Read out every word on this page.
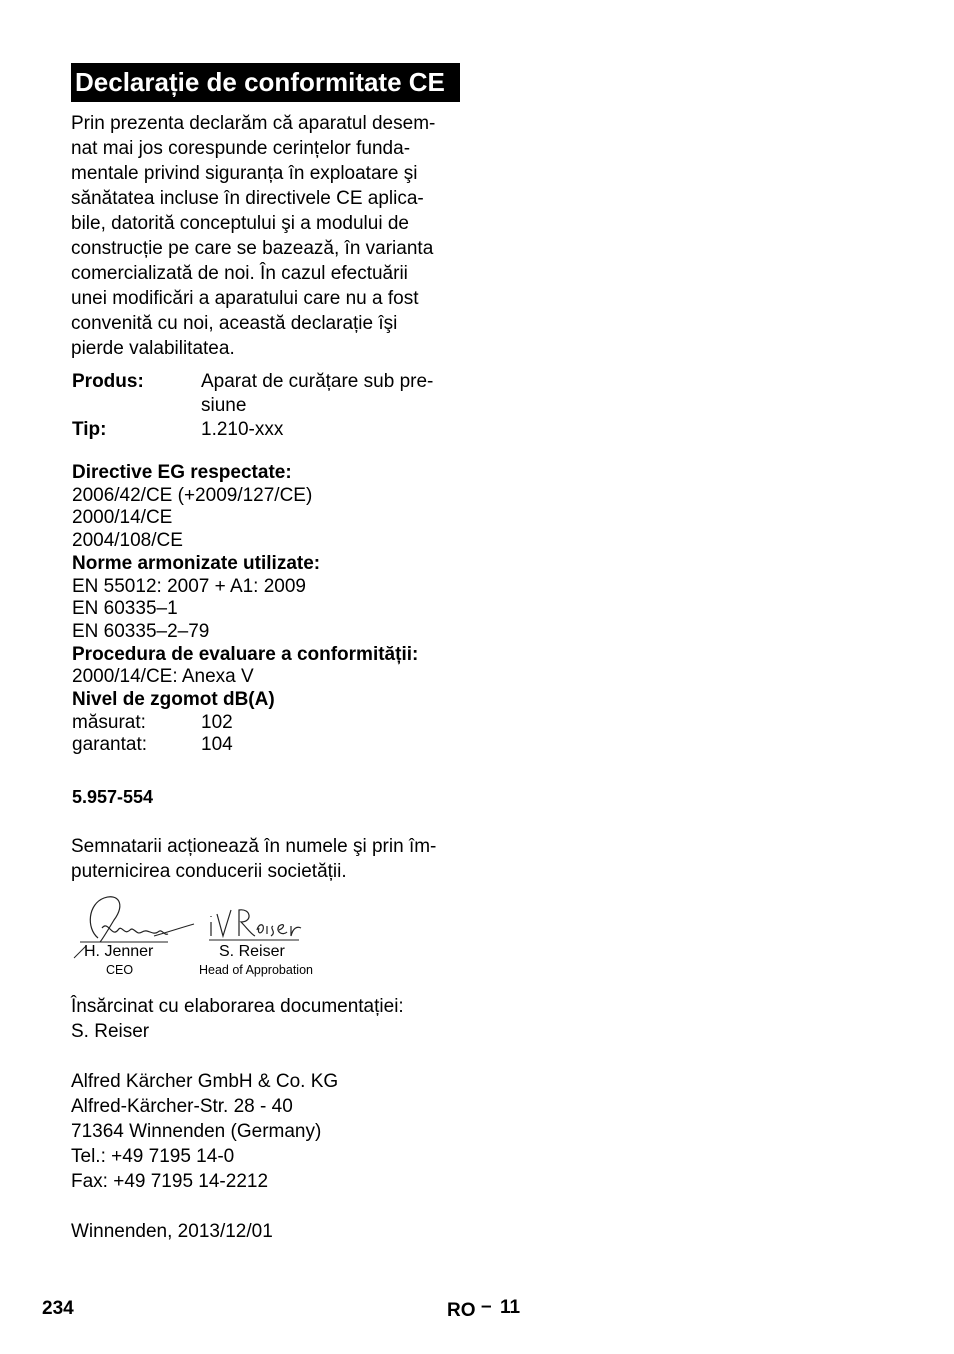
Declarație de conformitate CE
Prin prezenta declarăm că aparatul desem-
nat mai jos corespunde cerințelor funda-
mentale privind siguranța în exploatare şi
sănătatea incluse în directivele CE aplica-
bile, datorită conceptului şi a modului de
construcție pe care se bazează, în varianta
comercializată de noi. În cazul efectuării
unei modificări a aparatului care nu a fost
convenită cu noi, această declarație îşi
pierde valabilitatea.
Produs:	Aparat de curățare sub pre-
siune
Tip:	1.210-xxx
Directive EG respectate:
2006/42/CE (+2009/127/CE)
2000/14/CE
2004/108/CE
Norme armonizate utilizate:
EN 55012: 2007 + A1: 2009
EN 60335–1
EN 60335–2–79
Procedura de evaluare a conformității:
2000/14/CE: Anexa V
Nivel de zgomot dB(A)
măsurat:	102
garantat:	104
5.957-554
Semnatarii acționează în numele şi prin îm-
puternicirea conducerii societății.
H. Jenner
CEO
S. Reiser
Head of Approbation
Însărcinat cu elaborarea documentației:
S. Reiser
Alfred Kärcher GmbH & Co. KG
Alfred-Kärcher-Str. 28 - 40
71364 Winnenden (Germany)
Tel.: +49 7195 14-0
Fax: +49 7195 14-2212
Winnenden, 2013/12/01
234	RO – 11
